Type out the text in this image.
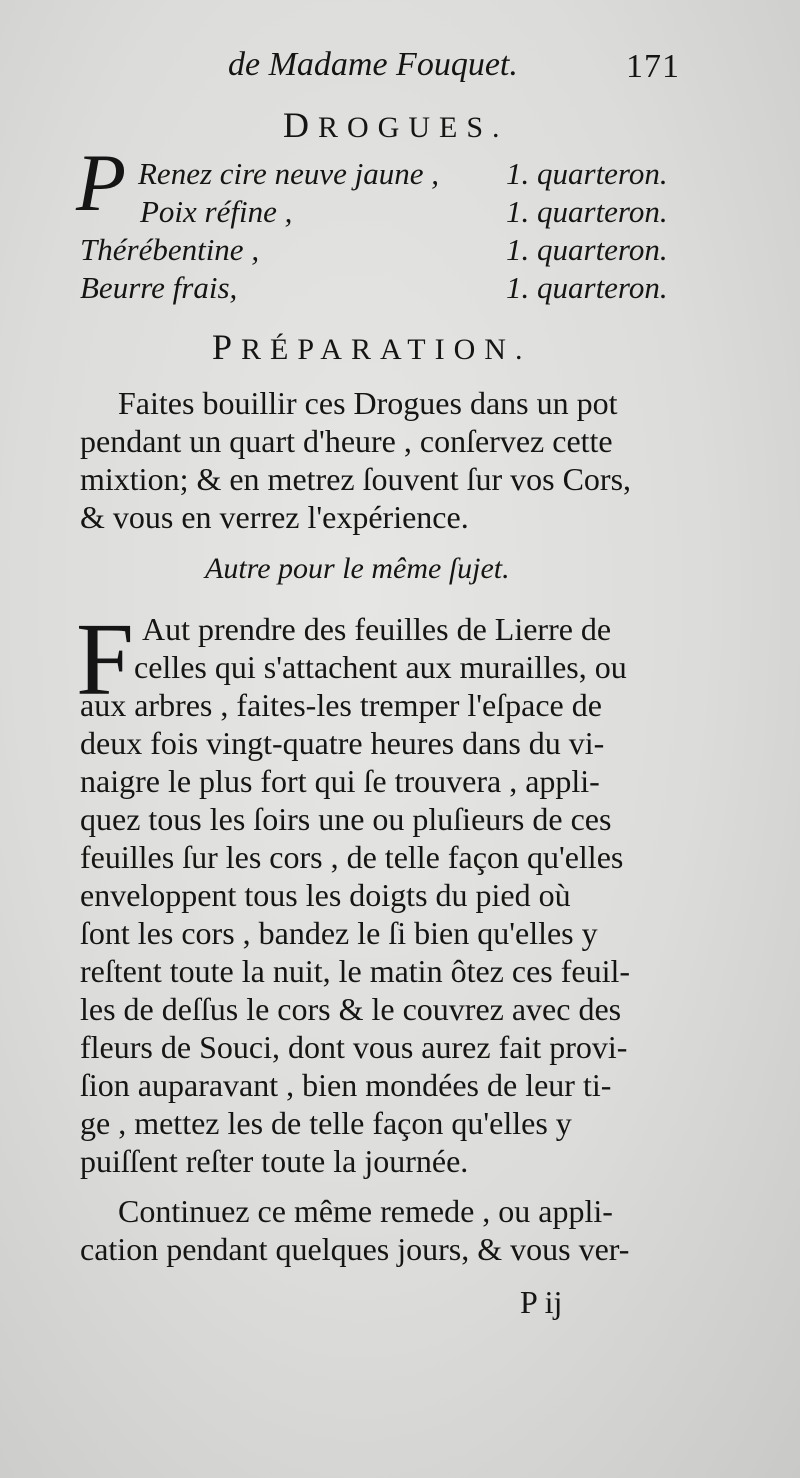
de Madame Fouquet.	171
DROGUES.
P Renez cire neuve jaune ,
Poix réfine ,
Thérébentine ,
Beurre frais,
1. quarteron.
1. quarteron.
1. quarteron.
1. quarteron.
PRÉPARATION.
Faites bouillir ces Drogues dans un pot
pendant un quart d'heure , conſervez cette
mixtion; & en metrez ſouvent ſur vos Cors,
& vous en verrez l'expérience.
Autre pour le même ſujet.
F Aut prendre des feuilles de Lierre de
celles qui s'attachent aux murailles, ou
aux arbres , faites-les tremper l'eſpace de
deux fois vingt-quatre heures dans du vi-
naigre le plus fort qui ſe trouvera , appli-
quez tous les ſoirs une ou pluſieurs de ces
feuilles ſur les cors , de telle façon qu'elles
enveloppent tous les doigts du pied où
ſont les cors , bandez le ſi bien qu'elles y
reſtent toute la nuit, le matin ôtez ces feuil-
les de deſſus le cors & le couvrez avec des
fleurs de Souci, dont vous aurez fait provi-
ſion auparavant , bien mondées de leur ti-
ge , mettez les de telle façon qu'elles y
puiſſent reſter toute la journée.
Continuez ce même remede , ou appli-
cation pendant quelques jours, & vous ver-
P ij
